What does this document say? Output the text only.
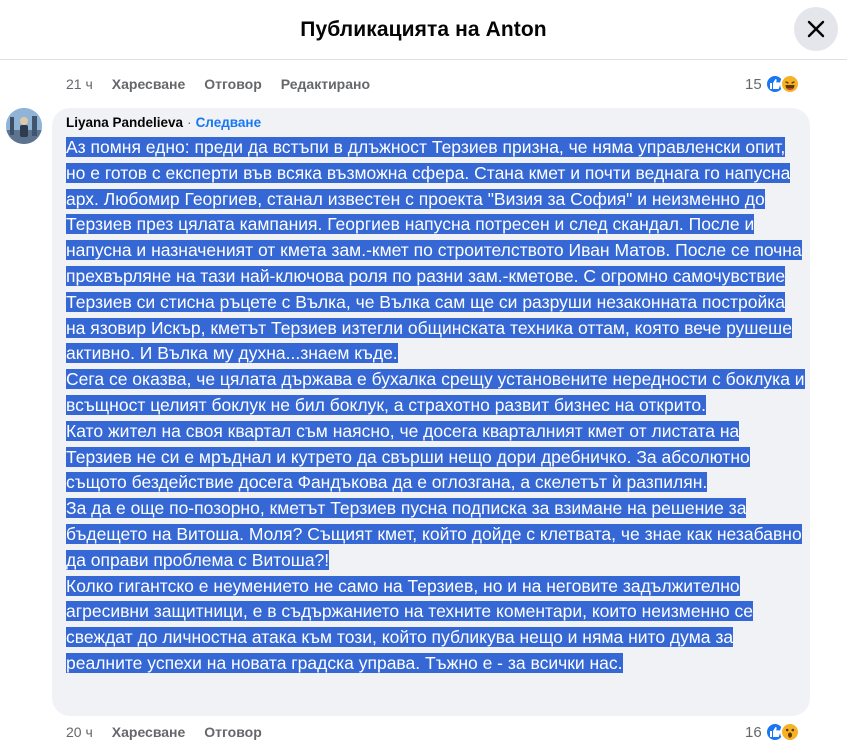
Публикацията на Anton
21 ч Харесване Отговор Редактирано	15
Liyana Pandelieva · Следване
Аз помня едно: преди да встъпи в длъжност Терзиев призна, че няма управленски опит, но е готов с експерти във всяка възможна сфера. Стана кмет и почти веднага го напусна арх. Любомир Георгиев, станал известен с проекта "Визия за София" и неизменно до Терзиев през цялата кампания. Георгиев напусна потресен и след скандал. После и напусна и назначеният от кмета зам.-кмет по строителството Иван Матов. После се почна прехвърляне на тази най-ключова роля по разни зам.-кметове. С огромно самочувствие Терзиев си стисна ръцете с Вълка, че Вълка сам ще си разруши незаконната постройка на язовир Искър, кметът Терзиев изтегли общинската техника оттам, която вече рушеше активно. И Вълка му духна...знаем къде.
Сега се оказва, че цялата държава е бухалка срещу установените нередности с боклука и всъщност целият боклук не бил боклук, а страхотно развит бизнес на открито.
Като жител на своя квартал съм наясно, че досега кварталният кмет от листата на Терзиев не си е мръднал и кутрето да свърши нещо дори дребничко. За абсолютно същото бездействие досега Фандъкова да е оглозгана, а скелетът ѝ разпилян.
За да е още по-позорно, кметът Терзиев пусна подписка за взимане на решение за бъдещето на Витоша. Моля? Същият кмет, който дойде с клетвата, че знае как незабавно да оправи проблема с Витоша?!
Колко гигантско е неумението не само на Терзиев, но и на неговите задължително агресивни защитници, е в съдържанието на техните коментари, които неизменно се свеждат до личностна атака към този, който публикува нещо и няма нито дума за реалните успехи на новата градска управа. Тъжно е - за всички нас.
20 ч Харесване Отговор	16
